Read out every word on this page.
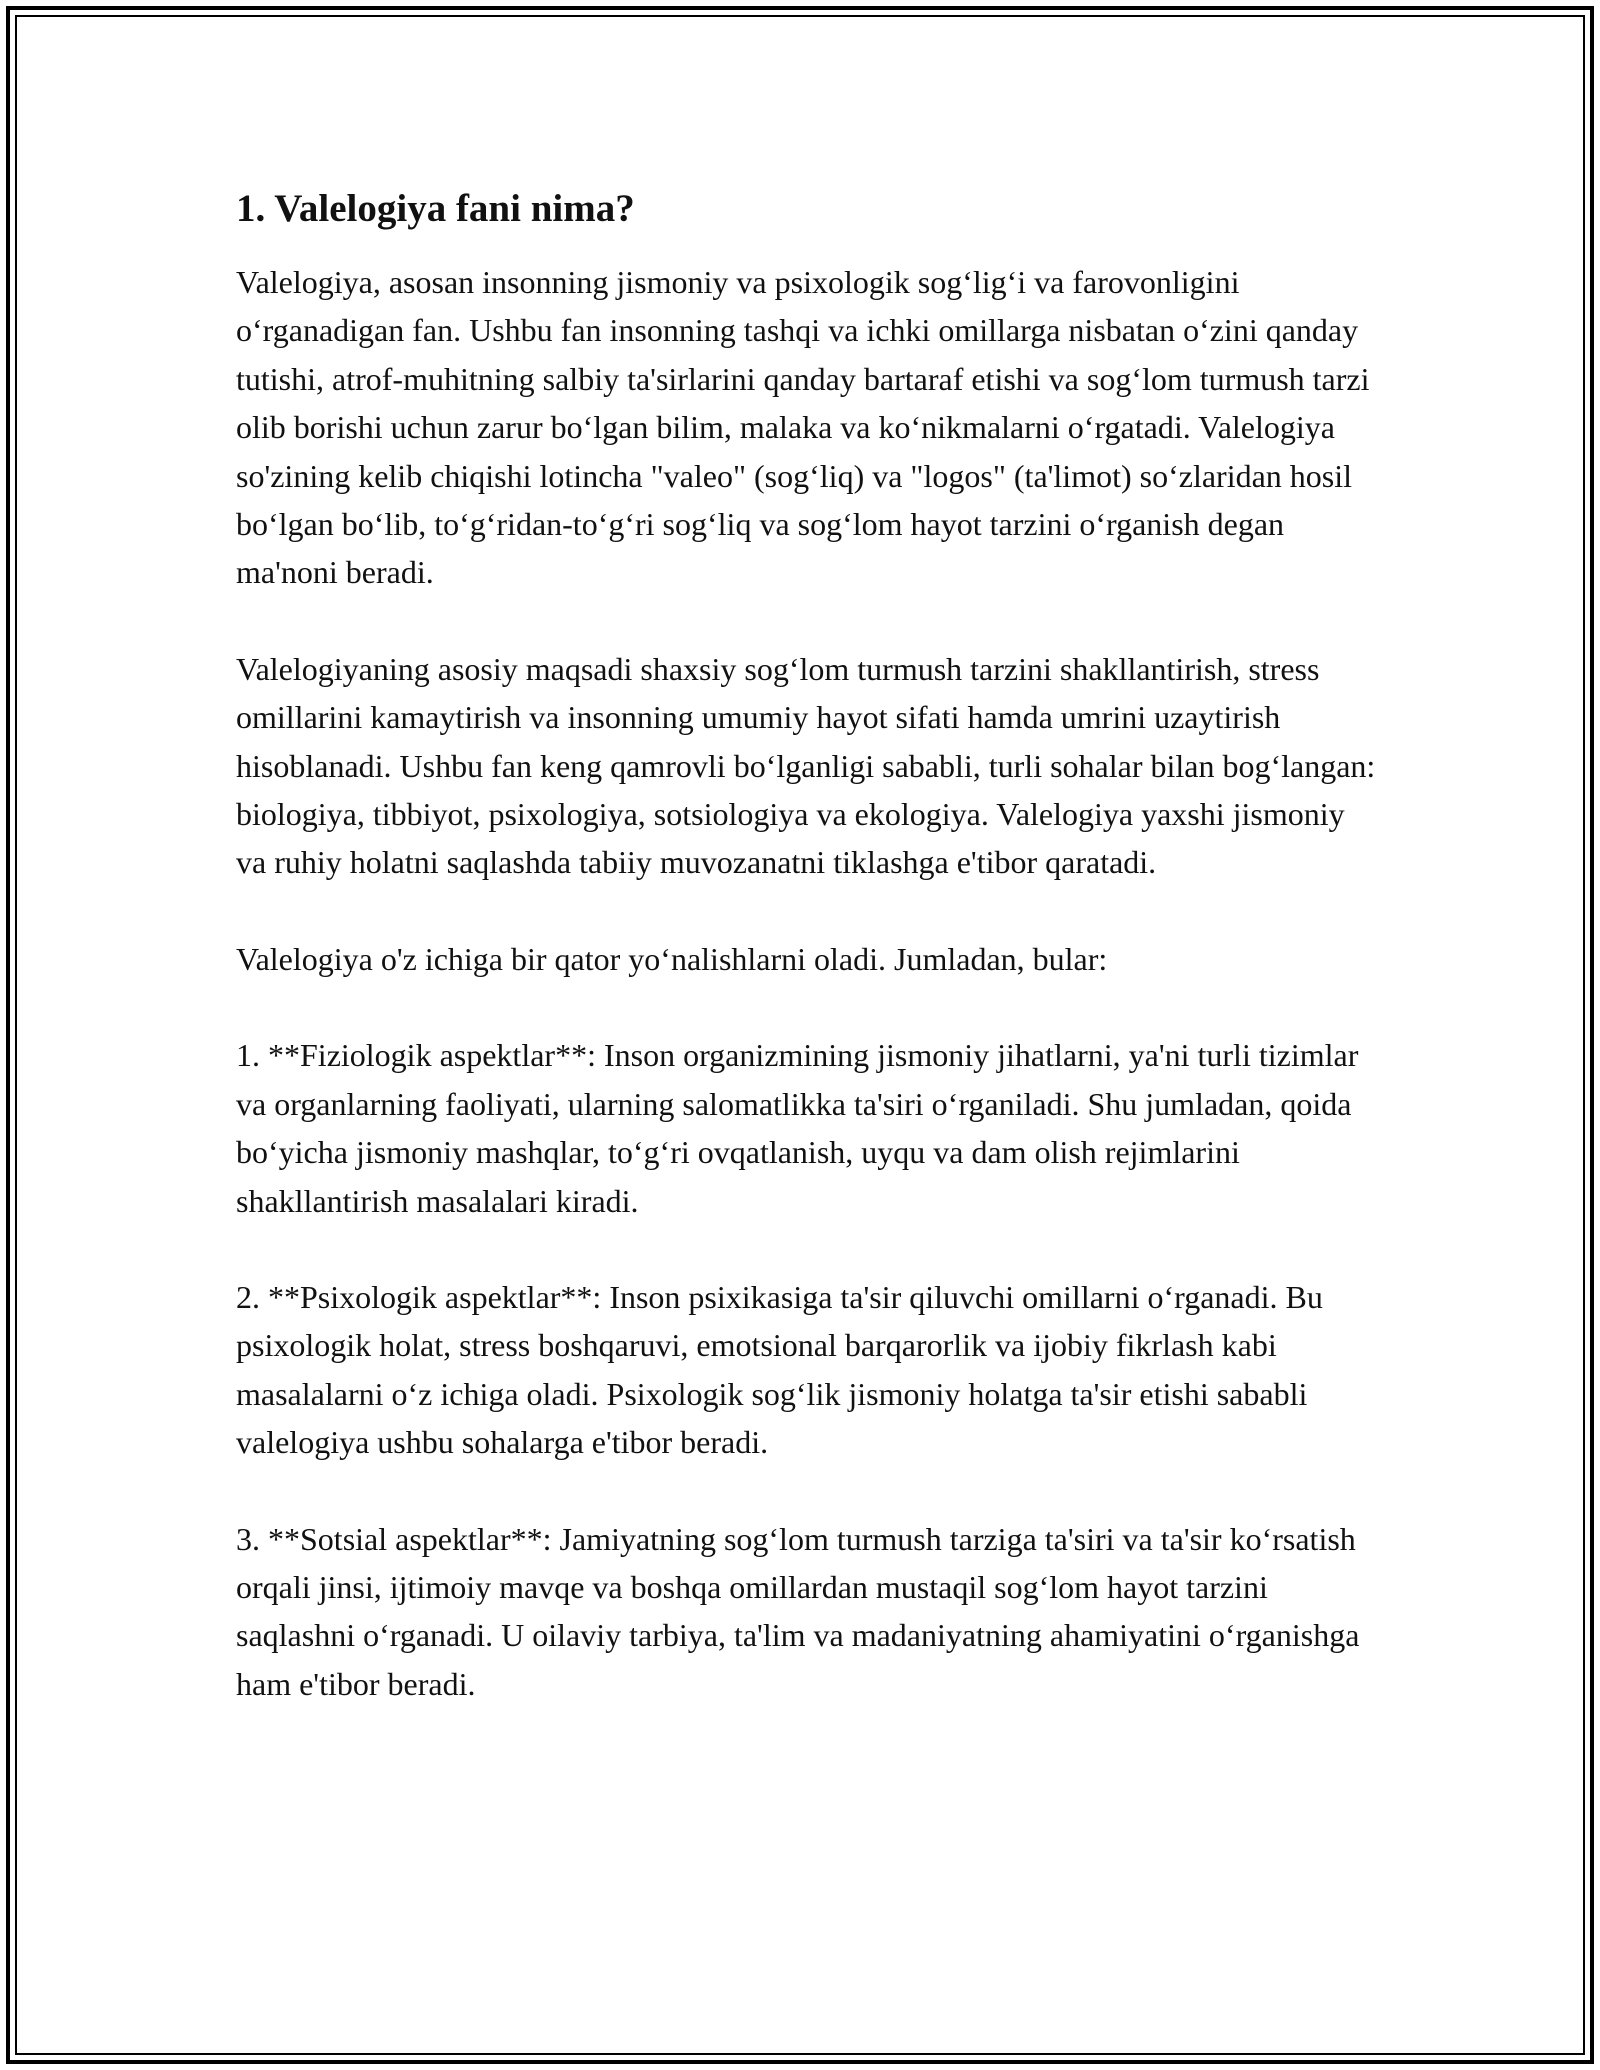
1. Valelogiya fani nima?

Valelogiya, asosan insonning jismoniy va psixologik sog‘lig‘i va farovonligini o‘rganadigan fan. Ushbu fan insonning tashqi va ichki omillarga nisbatan o‘zini qanday tutishi, atrof-muhitning salbiy ta'sirlarini qanday bartaraf etishi va sog‘lom turmush tarzi olib borishi uchun zarur bo‘lgan bilim, malaka va ko‘nikmalarni o‘rgatadi. Valelogiya so'zining kelib chiqishi lotincha "valeo" (sog‘liq) va "logos" (ta'limot) so‘zlaridan hosil bo‘lgan bo‘lib, to‘g‘ridan-to‘g‘ri sog‘liq va sog‘lom hayot tarzini o‘rganish degan ma'noni beradi.

Valelogiyaning asosiy maqsadi shaxsiy sog‘lom turmush tarzini shakllantirish, stress omillarini kamaytirish va insonning umumiy hayot sifati hamda umrini uzaytirish hisoblanadi. Ushbu fan keng qamrovli bo‘lganligi sababli, turli sohalar bilan bog‘langan: biologiya, tibbiyot, psixologiya, sotsiologiya va ekologiya. Valelogiya yaxshi jismoniy va ruhiy holatni saqlashda tabiiy muvozanatni tiklashga e'tibor qaratadi.

Valelogiya o'z ichiga bir qator yo‘nalishlarni oladi. Jumladan, bular:

1. **Fiziologik aspektlar**: Inson organizmining jismoniy jihatlarni, ya'ni turli tizimlar va organlarning faoliyati, ularning salomatlikka ta'siri o‘rganiladi. Shu jumladan, qoida bo‘yicha jismoniy mashqlar, to‘g‘ri ovqatlanish, uyqu va dam olish rejimlarini shakllantirish masalalari kiradi.

2. **Psixologik aspektlar**: Inson psixikasiga ta'sir qiluvchi omillarni o‘rganadi. Bu psixologik holat, stress boshqaruvi, emotsional barqarorlik va ijobiy fikrlash kabi masalalarni o‘z ichiga oladi. Psixologik sog‘lik jismoniy holatga ta'sir etishi sababli valelogiya ushbu sohalarga e'tibor beradi.

3. **Sotsial aspektlar**: Jamiyatning sog‘lom turmush tarziga ta'siri va ta'sir ko‘rsatish orqali jinsi, ijtimoiy mavqe va boshqa omillardan mustaqil sog‘lom hayot tarzini saqlashni o‘rganadi. U oilaviy tarbiya, ta'lim va madaniyatning ahamiyatini o‘rganishga ham e'tibor beradi.
